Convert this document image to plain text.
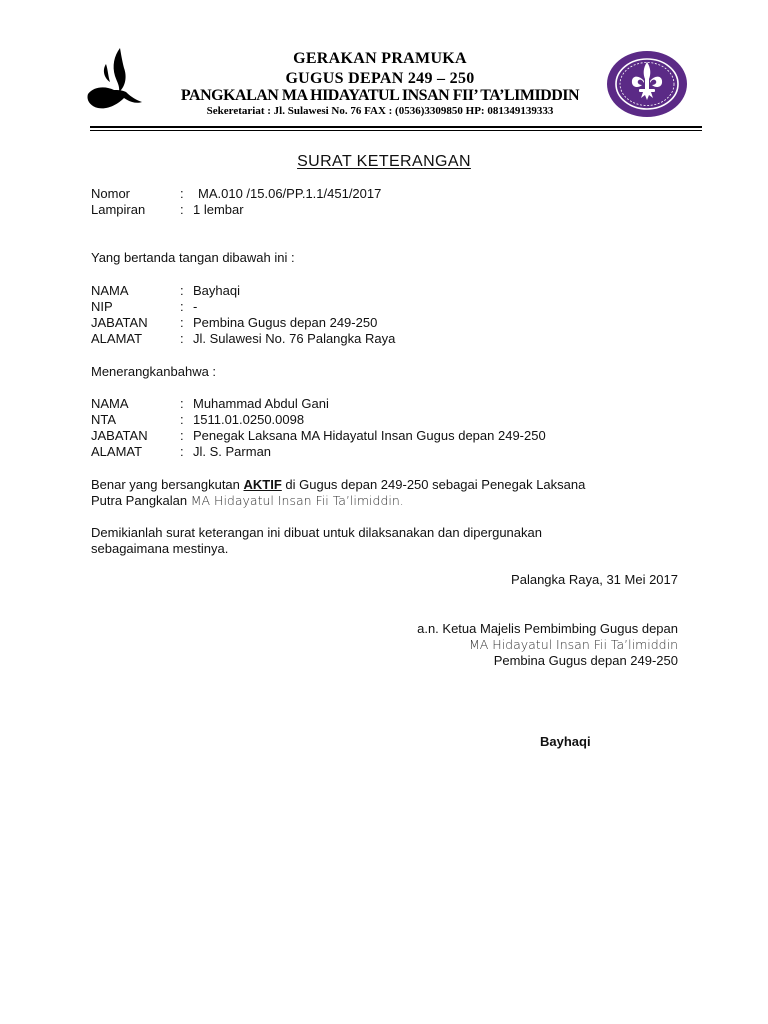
GERAKAN PRAMUKA
GUGUS DEPAN 249 – 250
PANGKALAN MA HIDAYATUL INSAN FII’ TA’LIMIDDIN
Sekeretariat : Jl. Sulawesi No. 76 FAX : (0536)3309850 HP: 081349139333
SURAT KETERANGAN
Nomor	: MA.010 /15.06/PP.1.1/451/2017
Lampiran	: 1 lembar
Yang bertanda tangan dibawah ini :
NAMA	: Bayhaqi
NIP	: -
JABATAN : Pembina Gugus depan 249-250
ALAMAT	: Jl. Sulawesi No. 76 Palangka Raya
Menerangkanbahwa :
NAMA	: Muhammad Abdul Gani
NTA	: 1511.01.0250.0098
JABATAN : Penegak Laksana MA Hidayatul Insan Gugus depan 249-250
ALAMAT	: Jl. S. Parman
Benar yang bersangkutan AKTIF di Gugus depan 249-250 sebagai Penegak Laksana
Putra Pangkalan MA Hidayatul Insan Fii Ta’limiddin.
Demikianlah surat keterangan ini dibuat untuk dilaksanakan dan dipergunakan
sebagaimana mestinya.
Palangka Raya, 31 Mei 2017
a.n. Ketua Majelis Pembimbing Gugus depan
MA Hidayatul Insan Fii Ta’limiddin
Pembina Gugus depan 249-250
Bayhaqi
